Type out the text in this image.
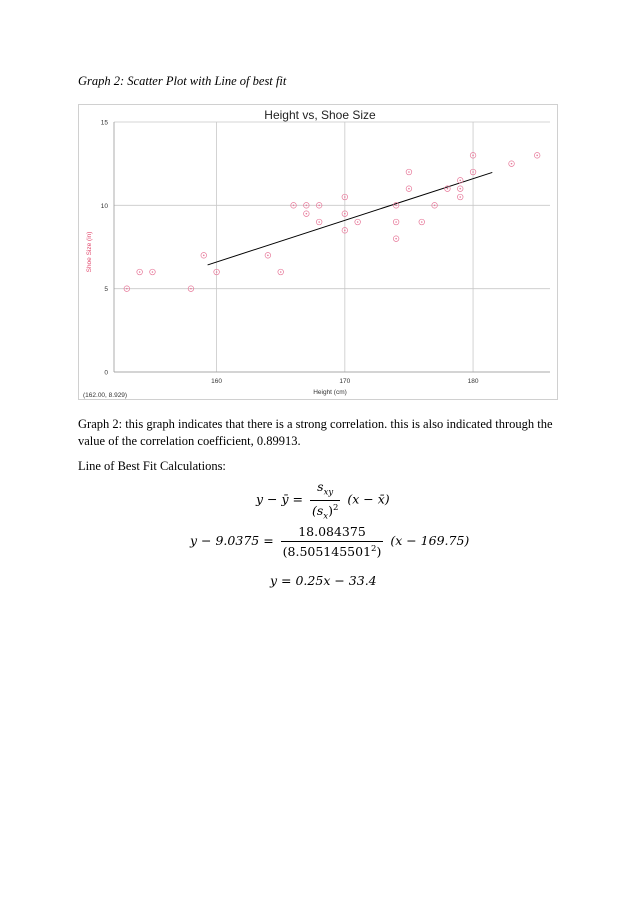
Graph 2: Scatter Plot with Line of best fit
0
5
10
15
160	170	180
Height vs, Shoe Size
Height (cm)
Shoe Size (in)
(162.00, 8.929)
Graph 2: this graph indicates that there is a strong correlation. this is also indicated through the value of the correlation coefficient, 0.89913.
Line of Best Fit Calculations:
y − ȳ = $\frac{s_{xy}}{(s_x)^2} (x$ − x̄)
$y - 9.0375 = \frac{18.084375}{(8.505145501^2)} (x - 169.75)$
y = 0.25x − 33.4
